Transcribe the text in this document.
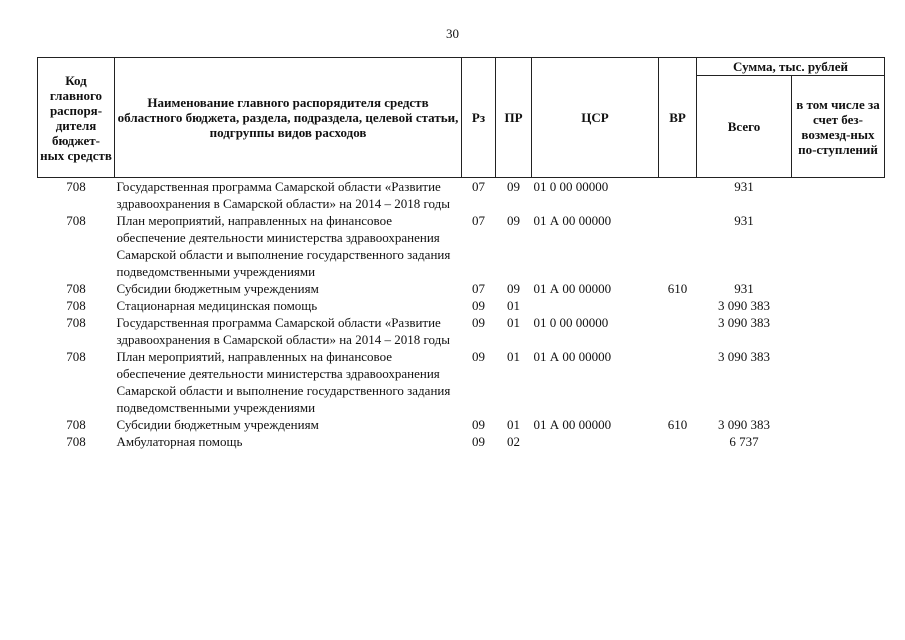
30
Код главного распоря-дителя бюджет-ных средств	Наименование главного распорядителя средств областного бюджета, раздела, подраздела, целевой статьи, подгруппы видов расходов	Рз	ПР	ЦСР	ВР	Сумма, тыс. рублей	
						Всего	в том числе за счет без-возмезд-ных по-ступлений
708	Государственная программа Самарской области «Развитие здравоохранения в Самарской области» на 2014 – 2018 годы	07	09	01 0 00 00000		931	
708	План мероприятий, направленных на финансовое обеспечение деятельности министерства здравоохранения Самарской области и выполнение государственного задания подведомственными учреждениями	07	09	01 А 00 00000		931	
708	Субсидии бюджетным учреждениям	07	09	01 А 00 00000	610	931	
708	Стационарная медицинская помощь	09	01			3 090 383	
708	Государственная программа Самарской области «Развитие здравоохранения в Самарской области» на 2014 – 2018 годы	09	01	01 0 00 00000		3 090 383	
708	План мероприятий, направленных на финансовое обеспечение деятельности министерства здравоохранения Самарской области и выполнение государственного задания подведомственными учреждениями	09	01	01 А 00 00000		3 090 383	
708	Субсидии бюджетным учреждениям	09	01	01 А 00 00000	610	3 090 383	
708	Амбулаторная помощь	09	02			6 737	
